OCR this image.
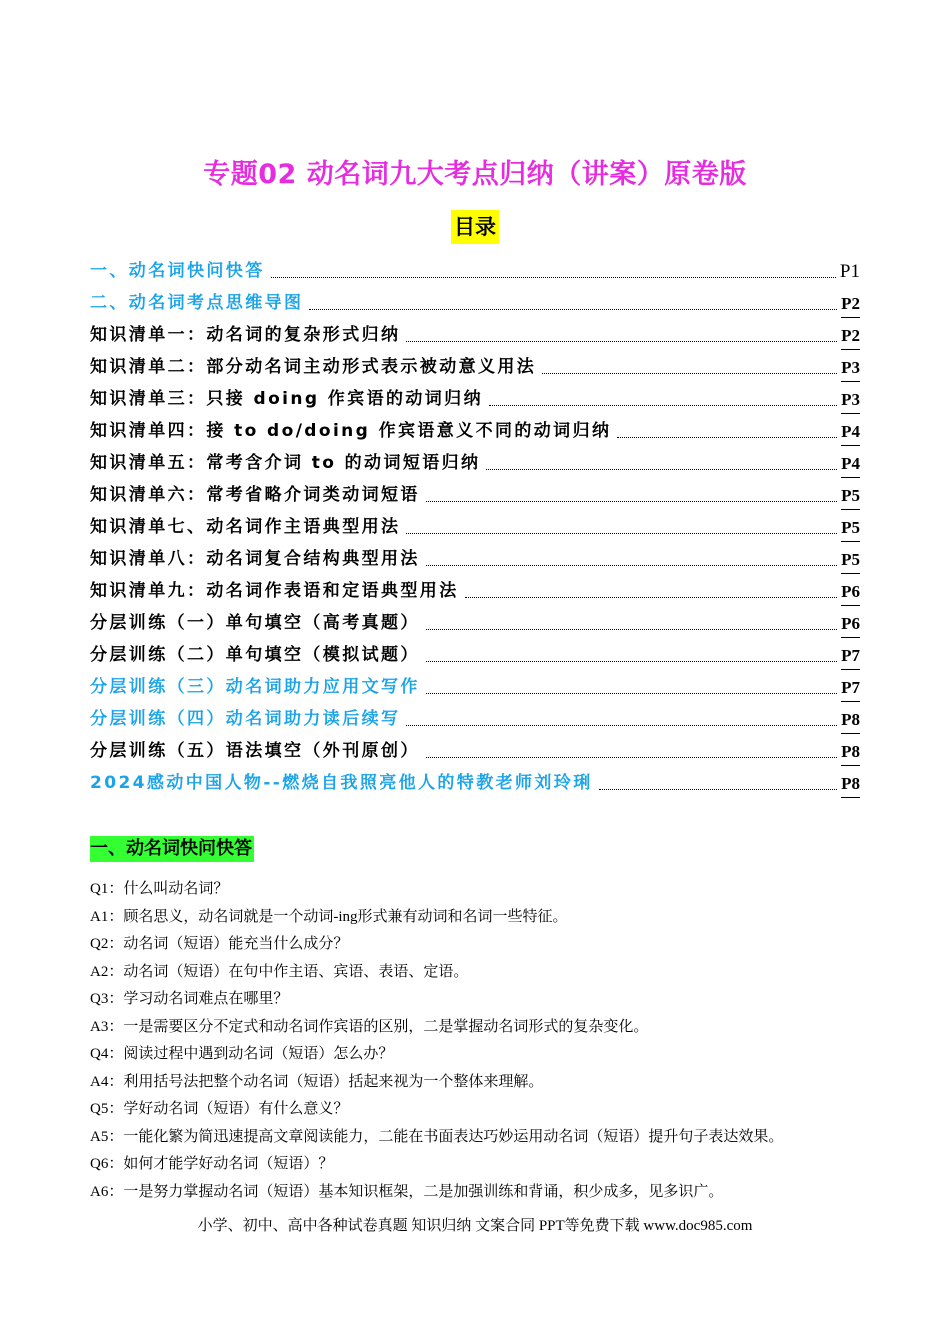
专题02 动名词九大考点归纳（讲案）原卷版
目录
一、动名词快问快答	P1
二、动名词考点思维导图	P2
知识清单一：动名词的复杂形式归纳	P2
知识清单二：部分动名词主动形式表示被动意义用法	P3
知识清单三：只接 doing 作宾语的动词归纳	P3
知识清单四：接 to do/doing 作宾语意义不同的动词归纳	P4
知识清单五：常考含介词 to 的动词短语归纳	P4
知识清单六：常考省略介词类动词短语	P5
知识清单七、动名词作主语典型用法	P5
知识清单八：动名词复合结构典型用法	P5
知识清单九：动名词作表语和定语典型用法	P6
分层训练（一）单句填空（高考真题）	P6
分层训练（二）单句填空（模拟试题）	P7
分层训练（三）动名词助力应用文写作	P7
分层训练（四）动名词助力读后续写	P8
分层训练（五）语法填空（外刊原创）	P8
2024感动中国人物--燃烧自我照亮他人的特教老师刘玲琍	P8
一、动名词快问快答
Q1：什么叫动名词？
A1：顾名思义，动名词就是一个动词-ing形式兼有动词和名词一些特征。
Q2：动名词（短语）能充当什么成分？
A2：动名词（短语）在句中作主语、宾语、表语、定语。
Q3：学习动名词难点在哪里？
A3：一是需要区分不定式和动名词作宾语的区别，二是掌握动名词形式的复杂变化。
Q4：阅读过程中遇到动名词（短语）怎么办？
A4：利用括号法把整个动名词（短语）括起来视为一个整体来理解。
Q5：学好动名词（短语）有什么意义？
A5：一能化繁为简迅速提高文章阅读能力，二能在书面表达巧妙运用动名词（短语）提升句子表达效果。
Q6：如何才能学好动名词（短语）？
A6：一是努力掌握动名词（短语）基本知识框架，二是加强训练和背诵，积少成多，见多识广。
小学、初中、高中各种试卷真题 知识归纳 文案合同 PPT等免费下载 www.doc985.com
